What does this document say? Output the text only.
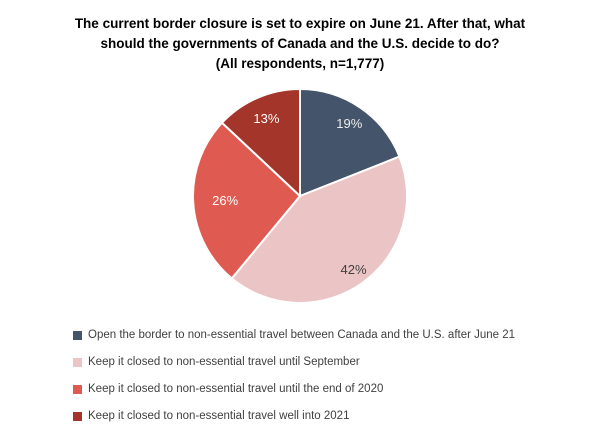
The current border closure is set to expire on June 21. After that, what
should the governments of Canada and the U.S. decide to do?
(All respondents, n=1,777)
19%
42%
26%
13%
Open the border to non-essential travel between Canada and the U.S. after June 21
Keep it closed to non-essential travel until September
Keep it closed to non-essential travel until the end of 2020
Keep it closed to non-essential travel well into 2021
